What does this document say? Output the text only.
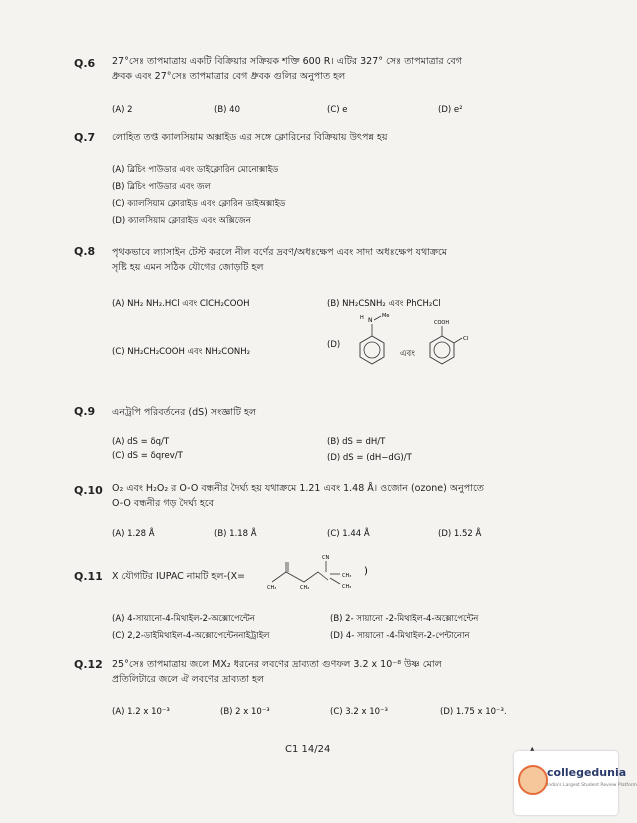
Q.6 27°সেঃ তাপমাত্রায় একটি বিক্রিয়ার সক্রিয়ক শক্তি 600 R। এটির 327° সেঃ তাপমাত্রার বেগ
ধ্রুবক এবং 27°সেঃ তাপমাত্রার বেগ ধ্রুবক গুলির অনুপাত হল
(A) 2	(B) 40	(C) e	(D) e²
Q.7 লোহিত তপ্ত ক্যালসিয়াম অক্সাইড এর সঙ্গে ক্লোরিনের বিক্রিয়ায় উৎপন্ন হয়
(A) ব্লিচিং পাউডার এবং ডাইক্লোরিন মোনোক্সাইড
(B) ব্লিচিং পাউডার এবং জল
(C) ক্যালসিয়াম ক্লোরাইড এবং ক্লোরিন ডাইঅক্সাইড
(D) ক্যালসিয়াম ক্লোরাইড এবং অক্সিজেন
Q.8 পৃথকভাবে ল্যাসাইন টেস্ট করলে নীল বর্ণের দ্রবণ/অধঃক্ষেপ এবং সাদা অধঃক্ষেপ যথাক্রমে
সৃষ্টি হয় এমন সঠিক যৌগের জোড়টি হল
(A) NH₂ NH₂.HCl এবং ClCH₂COOH	(B) NH₂CSNH₂ এবং PhCH₂Cl
(C) NH₂CH₂COOH এবং NH₂CONH₂
(D)
H N
Me
এবং
COOH
Cl
Q.9 এনট্রপি পরিবর্তনের (dS) সংজ্ঞাটি হল
(A) dS = δq/T
(C) dS = δqrev/T
(B) dS = dH/T
(D) dS = (dH−dG)/T
Q.10 O₂ এবং H₂O₂ র O-O বন্ধনীর দৈর্ঘ্য হয় যথাক্রমে 1.21 এবং 1.48 Å। ওজোন (ozone) অনুপাতে
O-O বন্ধনীর গড় দৈর্ঘ্য হবে
(A) 1.28 Å	(B) 1.18 Å	(C) 1.44 Å	(D) 1.52 Å
Q.11 X যৌগটির IUPAC নামটি হল-(X=
CH₃	CH₂
CN
CH₃
CH₃
)
(A) 4-সায়ানো-4-মিথাইল-2-অক্সোপেন্টেন
(C) 2,2-ডাইমিথাইল-4-অক্সোপেন্টেননাইট্রাইল
(B) 2- সায়ানো -2-মিথাইল-4-অক্সোপেন্টেন
(D) 4- সায়ানো -4-মিথাইল-2-পেন্টানোন
Q.12 25°সেঃ তাপমাত্রায় জলে MX₂ ধরনের লবণের দ্রাব্যতা গুণফল 3.2 x 10⁻⁸ উষ্ণ মোল
প্রতিলিটারে জলে ঐ লবণের দ্রাব্যতা হল
(A) 1.2 x 10⁻³	(B) 2 x 10⁻³	(C) 3.2 x 10⁻³	(D) 1.75 x 10⁻³.
C1 14/24
collegedunia
India's Largest Student Review Platform
